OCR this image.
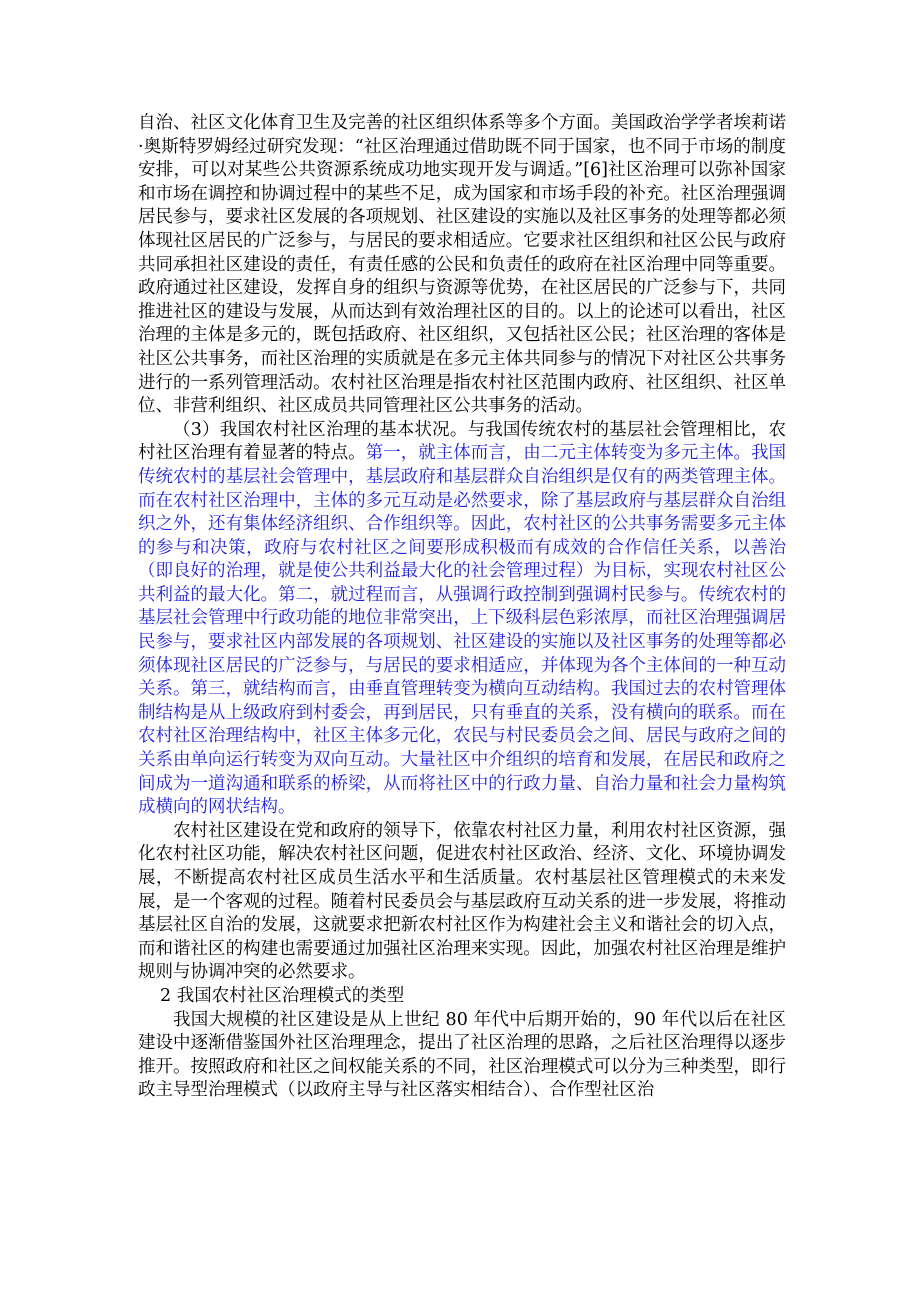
自治、社区文化体育卫生及完善的社区组织体系等多个方面。美国政治学学者埃莉诺·奥斯特罗姆经过研究发现：“社区治理通过借助既不同于国家，也不同于市场的制度安排，可以对某些公共资源系统成功地实现开发与调适。”[6]社区治理可以弥补国家和市场在调控和协调过程中的某些不足，成为国家和市场手段的补充。社区治理强调居民参与，要求社区发展的各项规划、社区建设的实施以及社区事务的处理等都必须体现社区居民的广泛参与，与居民的要求相适应。它要求社区组织和社区公民与政府共同承担社区建设的责任，有责任感的公民和负责任的政府在社区治理中同等重要。政府通过社区建设，发挥自身的组织与资源等优势，在社区居民的广泛参与下，共同推进社区的建设与发展，从而达到有效治理社区的目的。以上的论述可以看出，社区治理的主体是多元的，既包括政府、社区组织，又包括社区公民；社区治理的客体是社区公共事务，而社区治理的实质就是在多元主体共同参与的情况下对社区公共事务进行的一系列管理活动。农村社区治理是指农村社区范围内政府、社区组织、社区单位、非营利组织、社区成员共同管理社区公共事务的活动。

（3）我国农村社区治理的基本状况。与我国传统农村的基层社会管理相比，农村社区治理有着显著的特点。第一，就主体而言，由二元主体转变为多元主体。我国传统农村的基层社会管理中，基层政府和基层群众自治组织是仅有的两类管理主体。而在农村社区治理中，主体的多元互动是必然要求，除了基层政府与基层群众自治组织之外，还有集体经济组织、合作组织等。因此，农村社区的公共事务需要多元主体的参与和决策，政府与农村社区之间要形成积极而有成效的合作信任关系，以善治（即良好的治理，就是使公共利益最大化的社会管理过程）为目标，实现农村社区公共利益的最大化。第二，就过程而言，从强调行政控制到强调村民参与。传统农村的基层社会管理中行政功能的地位非常突出，上下级科层色彩浓厚，而社区治理强调居民参与，要求社区内部发展的各项规划、社区建设的实施以及社区事务的处理等都必须体现社区居民的广泛参与，与居民的要求相适应，并体现为各个主体间的一种互动关系。第三，就结构而言，由垂直管理转变为横向互动结构。我国过去的农村管理体制结构是从上级政府到村委会，再到居民，只有垂直的关系，没有横向的联系。而在农村社区治理结构中，社区主体多元化，农民与村民委员会之间、居民与政府之间的关系由单向运行转变为双向互动。大量社区中介组织的培育和发展，在居民和政府之间成为一道沟通和联系的桥梁，从而将社区中的行政力量、自治力量和社会力量构筑成横向的网状结构。

农村社区建设在党和政府的领导下，依靠农村社区力量，利用农村社区资源，强化农村社区功能，解决农村社区问题，促进农村社区政治、经济、文化、环境协调发展，不断提高农村社区成员生活水平和生活质量。农村基层社区管理模式的未来发展，是一个客观的过程。随着村民委员会与基层政府互动关系的进一步发展，将推动基层社区自治的发展，这就要求把新农村社区作为构建社会主义和谐社会的切入点，而和谐社区的构建也需要通过加强社区治理来实现。因此，加强农村社区治理是维护规则与协调冲突的必然要求。

2 我国农村社区治理模式的类型

我国大规模的社区建设是从上世纪 80 年代中后期开始的，90 年代以后在社区建设中逐渐借鉴国外社区治理理念，提出了社区治理的思路，之后社区治理得以逐步推开。按照政府和社区之间权能关系的不同，社区治理模式可以分为三种类型，即行政主导型治理模式（以政府主导与社区落实相结合）、合作型社区治
